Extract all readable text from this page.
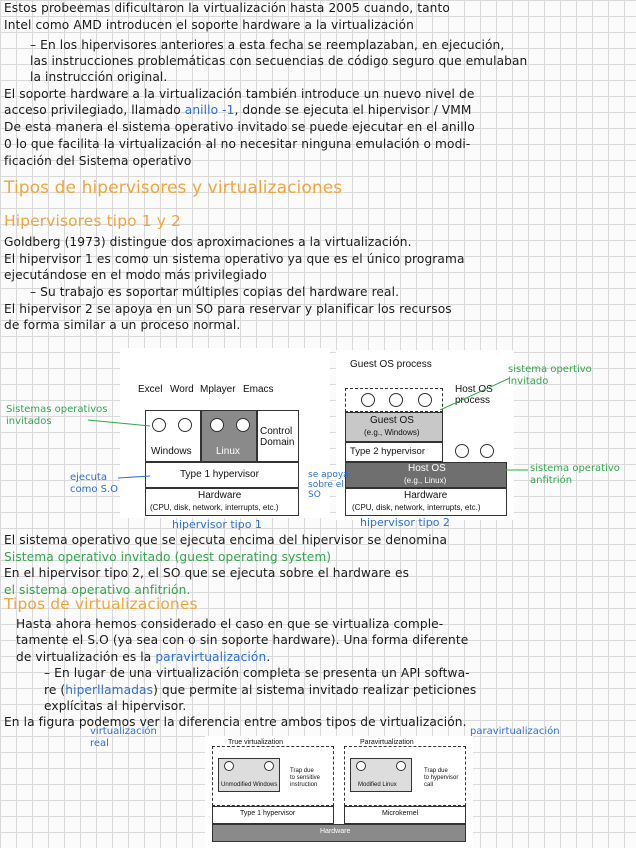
Estos probeemas dificultaron la virtualización hasta 2005 cuando, tanto
Intel como AMD introducen el soporte hardware a la virtualización
– En los hipervisores anteriores a esta fecha se reemplazaban, en ejecución,
las instrucciones problemáticas con secuencias de código seguro que emulaban
la instrucción original.
El soporte hardware a la virtualización también introduce un nuevo nivel de
acceso privilegiado, llamado anillo -1, donde se ejecuta el hipervisor / VMM
De esta manera el sistema operativo invitado se puede ejecutar en el anillo
0 lo que facilita la virtualización al no necesitar ninguna emulación o modi-
ficación del Sistema operativo
Tipos de hipervisores y virtualizaciones
Hipervisores tipo 1 y 2
Goldberg (1973) distingue dos aproximaciones a la virtualización.
El hipervisor 1 es como un sistema operativo ya que es el único programa
ejecutándose en el modo más privilegiado
– Su trabajo es soportar múltiples copias del hardware real.
El hipervisor 2 se apoya en un SO para reservar y planificar los recursos
de forma similar a un proceso normal.
Excel Word Mplayer Emacs
Windows Linux
Control
Domain
Type 1 hypervisor
Hardware
(CPU, disk, network, interrupts, etc.)
hipervisor tipo 1
Sistemas operativos
invitados
ejecuta
como S.O
Guest OS process
Host OS
process
Guest OS
(e.g., Windows)
Type 2 hypervisor
Host OS
(e.g., Linux)
Hardware
(CPU, disk, network, interrupts, etc.)
hipervisor tipo 2
sistema opertivo
invitado
sistema operativo
anfitrión
se apoya
sobre el
SO
El sistema operativo que se ejecuta encima del hipervisor se denomina
Sistema operativo invitado (guest operating system)
En el hipervisor tipo 2, el SO que se ejecuta sobre el hardware es
el sistema operativo anfitrión.
Tipos de virtualizaciones
Hasta ahora hemos considerado el caso en que se virtualiza comple-
tamente el S.O (ya sea con o sin soporte hardware). Una forma diferente
de virtualización es la paravirtualización.
– En lugar de una virtualización completa se presenta un API softwa-
re (hiperllamadas) que permite al sistema invitado realizar peticiones
explícitas al hipervisor.
En la figura podemos ver la diferencia entre ambos tipos de virtualización.
True virtualization	Paravirtualization
Unmodified Windows
Trap due
to sensitive
instruction	Modified Linux
Trap due
to hypervisor
call
Type 1 hypervisor	Microkernel
Hardware
virtualización
real
paravirtualización
